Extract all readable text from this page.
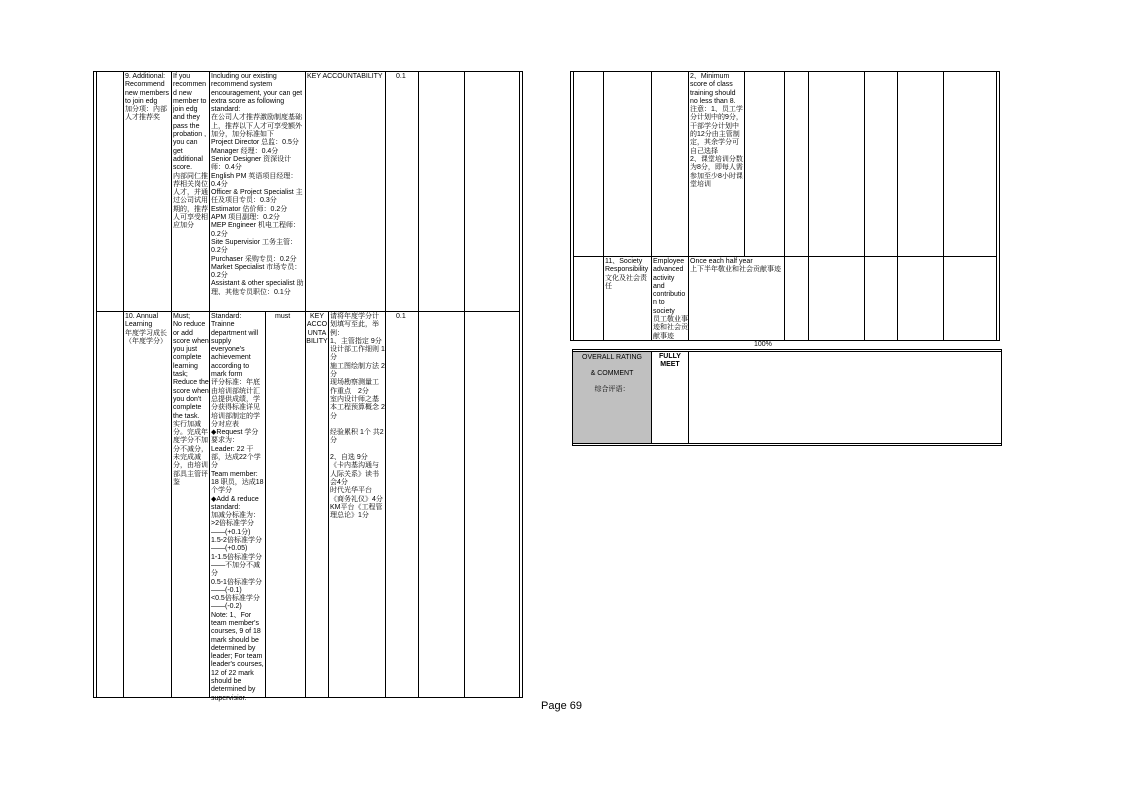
9. Additional: Recommend new members to join edg
加分项：内部人才推荐奖
If you recommend new member to join edg and they pass the probation , you can get additional score.
内部同仁推荐相关岗位人才，并通过公司试用期的，推荐人可享受相应加分
Including our existing recommend system encouragement, your can get extra score as following standard:
在公司人才推荐激励制度基础上，推荐以下人才可享受额外加分，加分标准如下
Project Director 总监：0.5分
Manager 经理：0.4分
Senior Designer 资深设计师：0.4分
English PM 英语项目经理：0.4分
Officer & Project Specialist 主任及项目专员：0.3分
Estimator 估价师：0.2分
APM 项目副理：0.2分
MEP Engineer 机电工程师：0.2分
Site Supervisior 工务主管：0.2分
Purchaser 采购专员：0.2分
Market Specialist 市场专员：0.2分
Assistant & other specialist 助理、其他专员职位：0.1分
KEY ACCOUNTABILITY	0.1
10. Annual Learning
年度学习成长（年度学分）
Must;
No reduce or add score when you just complete learning task;
Reduce the score when you don't complete the task.
实行加减分。完成年度学分不加分不减分，未完成减分，由培训部具主管评鉴
Standard:
Trainne department will supply everyone's achievement according to mark form
评分标准：年底由培训部统计汇总提供成绩，学分获得标准详见培训部制定的学分对应表
◆Request 学分要求为：
Leader: 22 干部，达成22个学分
Team member: 18 职员，达成18个学分
◆Add & reduce standard:
加减分标准为：
>2倍标准学分——(+0.1分)
1.5-2倍标准学分——(+0.05)
1-1.5倍标准学分——不加分不减分
0.5-1倍标准学分——(-0.1)
<0.5倍标准学分——(-0.2)
Note: 1、For team member's courses, 9 of 18 mark should be determined by leader; For team leader's courses, 12 of 22 mark should be determined by supervisior.
must	KEY ACCOUNTABILITY
请将年度学分计划填写至此，举例：
1、主管指定 9分
设计部工作细则 1分
施工图绘制方法 2分
现场勘察测量工作重点　2分
室内设计师之基本工程预算概念 2分

经验累积 1个 共2分

2、自选 9分
《卡内基沟通与人际关系》读书会4分
时代光华平台《商务礼仪》4分
KM平台《工程管理总论》1分
0.1
2、Minimum score of class training should no less than 8.
注意：1、员工学分计划中的9分，干部学分计划中的12分由主管制定，其余学分可自己选择
2、课堂培训分数为8分，即每人需参加至少8小时课堂培训
11、Society Responsibility
文化及社会责任
Employee advanced activity and contribution to society
员工敬业事迹和社会贡献事迹
Once each half year
上下半年敬业和社会贡献事迹
100%
OVERALL RATING
& COMMENT
综合评语：
FULLY MEET
Page 69
